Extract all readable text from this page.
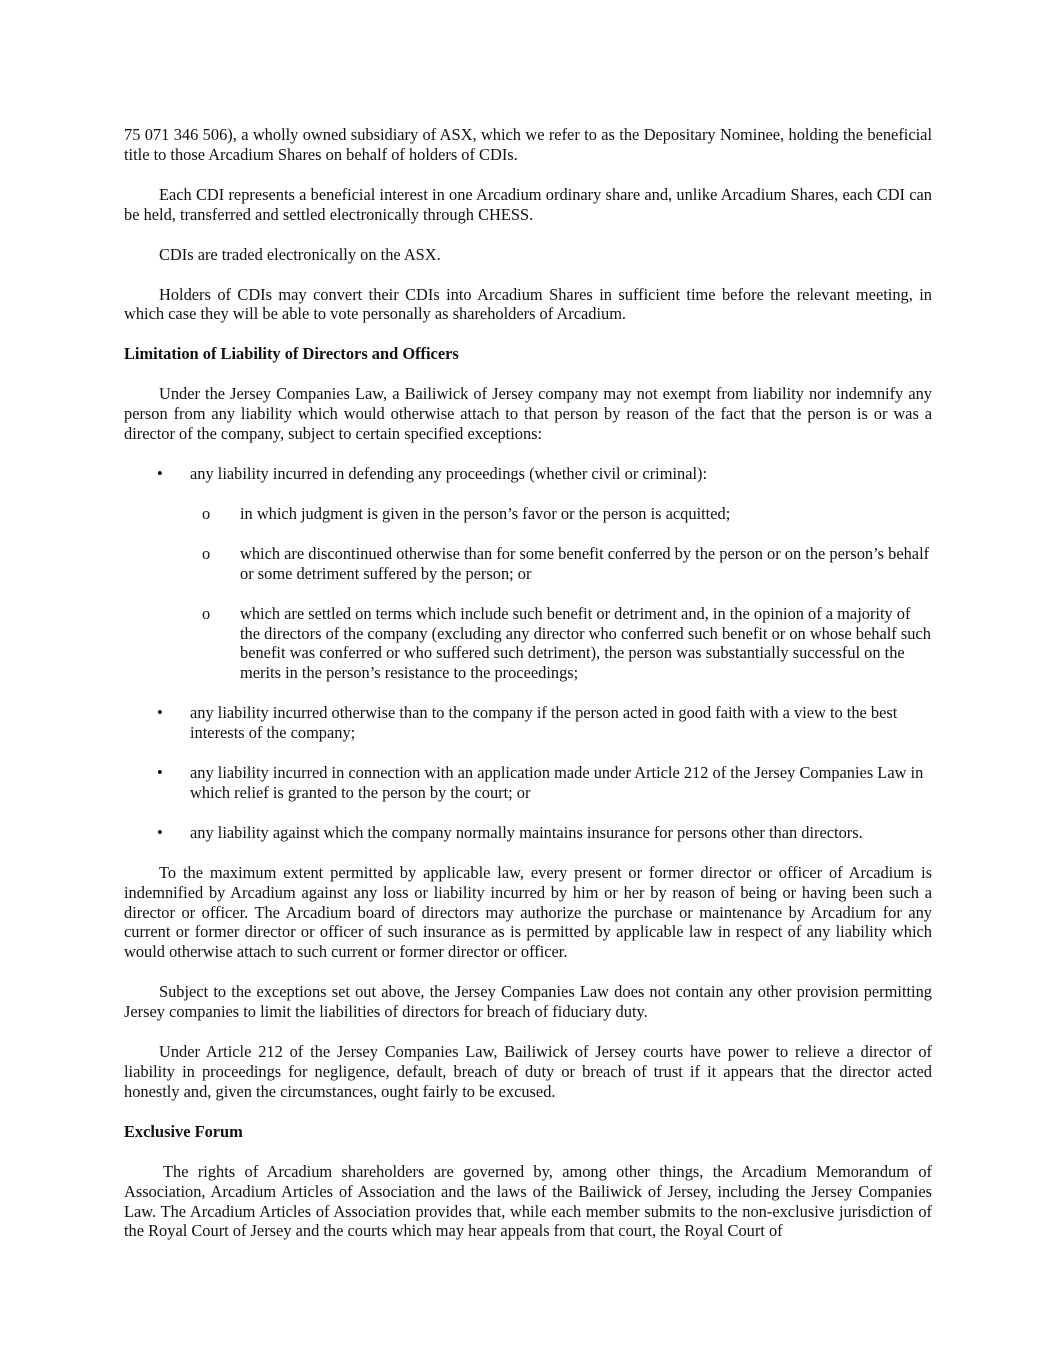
75 071 346 506), a wholly owned subsidiary of ASX, which we refer to as the Depositary Nominee, holding the beneficial title to those Arcadium Shares on behalf of holders of CDIs.

Each CDI represents a beneficial interest in one Arcadium ordinary share and, unlike Arcadium Shares, each CDI can be held, transferred and settled electronically through CHESS.

CDIs are traded electronically on the ASX.

Holders of CDIs may convert their CDIs into Arcadium Shares in sufficient time before the relevant meeting, in which case they will be able to vote personally as shareholders of Arcadium.

Limitation of Liability of Directors and Officers

Under the Jersey Companies Law, a Bailiwick of Jersey company may not exempt from liability nor indemnify any person from any liability which would otherwise attach to that person by reason of the fact that the person is or was a director of the company, subject to certain specified exceptions:

• any liability incurred in defending any proceedings (whether civil or criminal):
o in which judgment is given in the person’s favor or the person is acquitted;
o which are discontinued otherwise than for some benefit conferred by the person or on the person’s behalf or some detriment suffered by the person; or
o which are settled on terms which include such benefit or detriment and, in the opinion of a majority of the directors of the company (excluding any director who conferred such benefit or on whose behalf such benefit was conferred or who suffered such detriment), the person was substantially successful on the merits in the person’s resistance to the proceedings;
• any liability incurred otherwise than to the company if the person acted in good faith with a view to the best interests of the company;
• any liability incurred in connection with an application made under Article 212 of the Jersey Companies Law in which relief is granted to the person by the court; or
• any liability against which the company normally maintains insurance for persons other than directors.

To the maximum extent permitted by applicable law, every present or former director or officer of Arcadium is indemnified by Arcadium against any loss or liability incurred by him or her by reason of being or having been such a director or officer. The Arcadium board of directors may authorize the purchase or maintenance by Arcadium for any current or former director or officer of such insurance as is permitted by applicable law in respect of any liability which would otherwise attach to such current or former director or officer.

Subject to the exceptions set out above, the Jersey Companies Law does not contain any other provision permitting Jersey companies to limit the liabilities of directors for breach of fiduciary duty.

Under Article 212 of the Jersey Companies Law, Bailiwick of Jersey courts have power to relieve a director of liability in proceedings for negligence, default, breach of duty or breach of trust if it appears that the director acted honestly and, given the circumstances, ought fairly to be excused.

Exclusive Forum

The rights of Arcadium shareholders are governed by, among other things, the Arcadium Memorandum of Association, Arcadium Articles of Association and the laws of the Bailiwick of Jersey, including the Jersey Companies Law. The Arcadium Articles of Association provides that, while each member submits to the non-exclusive jurisdiction of the Royal Court of Jersey and the courts which may hear appeals from that court, the Royal Court of
